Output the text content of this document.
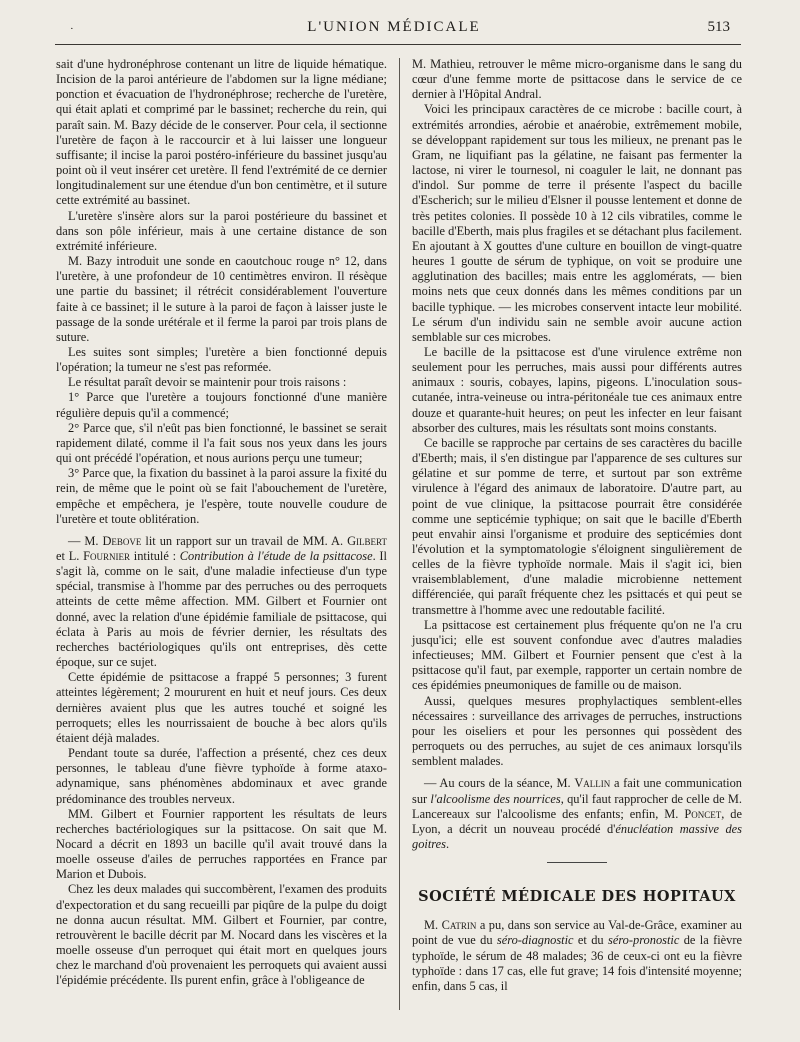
·	L'UNION MÉDICALE	513

sait d'une hydronéphrose contenant un litre de liquide hématique. Incision de la paroi antérieure de l'abdomen sur la ligne médiane; ponction et évacuation de l'hydronéphrose; recherche de l'uretère, qui était aplati et comprimé par le bassinet; recherche du rein, qui paraît sain. M. Bazy décide de le conserver. Pour cela, il sectionne l'uretère de façon à le raccourcir et à lui laisser une longueur suffisante; il incise la paroi postéro-inférieure du bassinet jusqu'au point où il veut insérer cet uretère. Il fend l'extrémité de ce dernier longitudinalement sur une étendue d'un bon centimètre, et il suture cette extrémité au bassinet.

L'uretère s'insère alors sur la paroi postérieure du bassinet et dans son pôle inférieur, mais à une certaine distance de son extrémité inférieure.

M. Bazy introduit une sonde en caoutchouc rouge n° 12, dans l'uretère, à une profondeur de 10 centimètres environ. Il résèque une partie du bassinet; il rétrécit considérablement l'ouverture faite à ce bassinet; il le suture à la paroi de façon à laisser juste le passage de la sonde urétérale et il ferme la paroi par trois plans de suture.

Les suites sont simples; l'uretère a bien fonctionné depuis l'opération; la tumeur ne s'est pas reformée.

Le résultat paraît devoir se maintenir pour trois raisons :

1° Parce que l'uretère a toujours fonctionné d'une manière régulière depuis qu'il a commencé;

2° Parce que, s'il n'eût pas bien fonctionné, le bassinet se serait rapidement dilaté, comme il l'a fait sous nos yeux dans les jours qui ont précédé l'opération, et nous aurions perçu une tumeur;

3° Parce que, la fixation du bassinet à la paroi assure la fixité du rein, de même que le point où se fait l'abouchement de l'uretère, empêche et empêchera, je l'espère, toute nouvelle coudure de l'uretère et toute oblitération.

— M. Debove lit un rapport sur un travail de MM. A. Gilbert et L. Fournier intitulé : Contribution à l'étude de la psittacose. Il s'agit là, comme on le sait, d'une maladie infectieuse d'un type spécial, transmise à l'homme par des perruches ou des perroquets atteints de cette même affection. MM. Gilbert et Fournier ont donné, avec la relation d'une épidémie familiale de psittacose, qui éclata à Paris au mois de février dernier, les résultats des recherches bactériologiques qu'ils ont entreprises, dès cette époque, sur ce sujet.

Cette épidémie de psittacose a frappé 5 personnes; 3 furent atteintes légèrement; 2 moururent en huit et neuf jours. Ces deux dernières avaient plus que les autres touché et soigné les perroquets; elles les nourrissaient de bouche à bec alors qu'ils étaient déjà malades.

Pendant toute sa durée, l'affection a présenté, chez ces deux personnes, le tableau d'une fièvre typhoïde à forme ataxo-adynamique, sans phénomènes abdominaux et avec grande prédominance des troubles nerveux.

MM. Gilbert et Fournier rapportent les résultats de leurs recherches bactériologiques sur la psittacose. On sait que M. Nocard a décrit en 1893 un bacille qu'il avait trouvé dans la moelle osseuse d'ailes de perruches rapportées en France par Marion et Dubois.

Chez les deux malades qui succombèrent, l'examen des produits d'expectoration et du sang recueilli par piqûre de la pulpe du doigt ne donna aucun résultat. MM. Gilbert et Fournier, par contre, retrouvèrent le bacille décrit par M. Nocard dans les viscères et la moelle osseuse d'un perroquet qui était mort en quelques jours chez le marchand d'où provenaient les perroquets qui avaient aussi l'épidémie précédente. Ils purent enfin, grâce à l'obligeance de

M. Mathieu, retrouver le même micro-organisme dans le sang du cœur d'une femme morte de psittacose dans le service de ce dernier à l'Hôpital Andral.

Voici les principaux caractères de ce microbe : bacille court, à extrémités arrondies, aérobie et anaérobie, extrêmement mobile, se développant rapidement sur tous les milieux, ne prenant pas le Gram, ne liquifiant pas la gélatine, ne faisant pas fermenter la lactose, ni virer le tournesol, ni coaguler le lait, ne donnant pas d'indol. Sur pomme de terre il présente l'aspect du bacille d'Escherich; sur le milieu d'Elsner il pousse lentement et donne de très petites colonies. Il possède 10 à 12 cils vibratiles, comme le bacille d'Eberth, mais plus fragiles et se détachant plus facilement. En ajoutant à X gouttes d'une culture en bouillon de vingt-quatre heures 1 goutte de sérum de typhique, on voit se produire une agglutination des bacilles; mais entre les agglomérats, — bien moins nets que ceux donnés dans les mêmes conditions par un bacille typhique. — les microbes conservent intacte leur mobilité. Le sérum d'un individu sain ne semble avoir aucune action semblable sur ces microbes.

Le bacille de la psittacose est d'une virulence extrême non seulement pour les perruches, mais aussi pour différents autres animaux : souris, cobayes, lapins, pigeons. L'inoculation sous-cutanée, intra-veineuse ou intra-péritonéale tue ces animaux entre douze et quarante-huit heures; on peut les infecter en leur faisant absorber des cultures, mais les résultats sont moins constants.

Ce bacille se rapproche par certains de ses caractères du bacille d'Eberth; mais, il s'en distingue par l'apparence de ses cultures sur gélatine et sur pomme de terre, et surtout par son extrême virulence à l'égard des animaux de laboratoire. D'autre part, au point de vue clinique, la psittacose pourrait être considérée comme une septicémie typhique; on sait que le bacille d'Eberth peut envahir ainsi l'organisme et produire des septicémies dont l'évolution et la symptomatologie s'éloignent singulièrement de celles de la fièvre typhoïde normale. Mais il s'agit ici, bien vraisemblablement, d'une maladie microbienne nettement différenciée, qui paraît fréquente chez les psittacés et qui peut se transmettre à l'homme avec une redoutable facilité.

La psittacose est certainement plus fréquente qu'on ne l'a cru jusqu'ici; elle est souvent confondue avec d'autres maladies infectieuses; MM. Gilbert et Fournier pensent que c'est à la psittacose qu'il faut, par exemple, rapporter un certain nombre de ces épidémies pneumoniques de famille ou de maison.

Aussi, quelques mesures prophylactiques semblent-elles nécessaires : surveillance des arrivages de perruches, instructions pour les oiseliers et pour les personnes qui possèdent des perroquets ou des perruches, au sujet de ces animaux lorsqu'ils semblent malades.

— Au cours de la séance, M. Vallin a fait une communication sur l'alcoolisme des nourrices, qu'il faut rapprocher de celle de M. Lancereaux sur l'alcoolisme des enfants; enfin, M. Poncet, de Lyon, a décrit un nouveau procédé d'énucléation massive des goitres.

SOCIÉTÉ MÉDICALE DES HOPITAUX

M. Catrin a pu, dans son service au Val-de-Grâce, examiner au point de vue du séro-diagnostic et du séro-pronostic de la fièvre typhoïde, le sérum de 48 malades; 36 de ceux-ci ont eu la fièvre typhoïde : dans 17 cas, elle fut grave; 14 fois d'intensité moyenne; enfin, dans 5 cas, il
